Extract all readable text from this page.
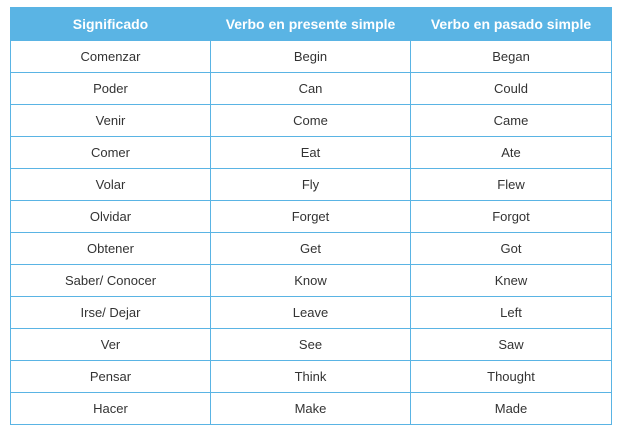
Significado	Verbo en presente simple	Verbo en pasado simple
Comenzar	Begin	Began
Poder	Can	Could
Venir	Come	Came
Comer	Eat	Ate
Volar	Fly	Flew
Olvidar	Forget	Forgot
Obtener	Get	Got
Saber/ Conocer	Know	Knew
Irse/ Dejar	Leave	Left
Ver	See	Saw
Pensar	Think	Thought
Hacer	Make	Made
